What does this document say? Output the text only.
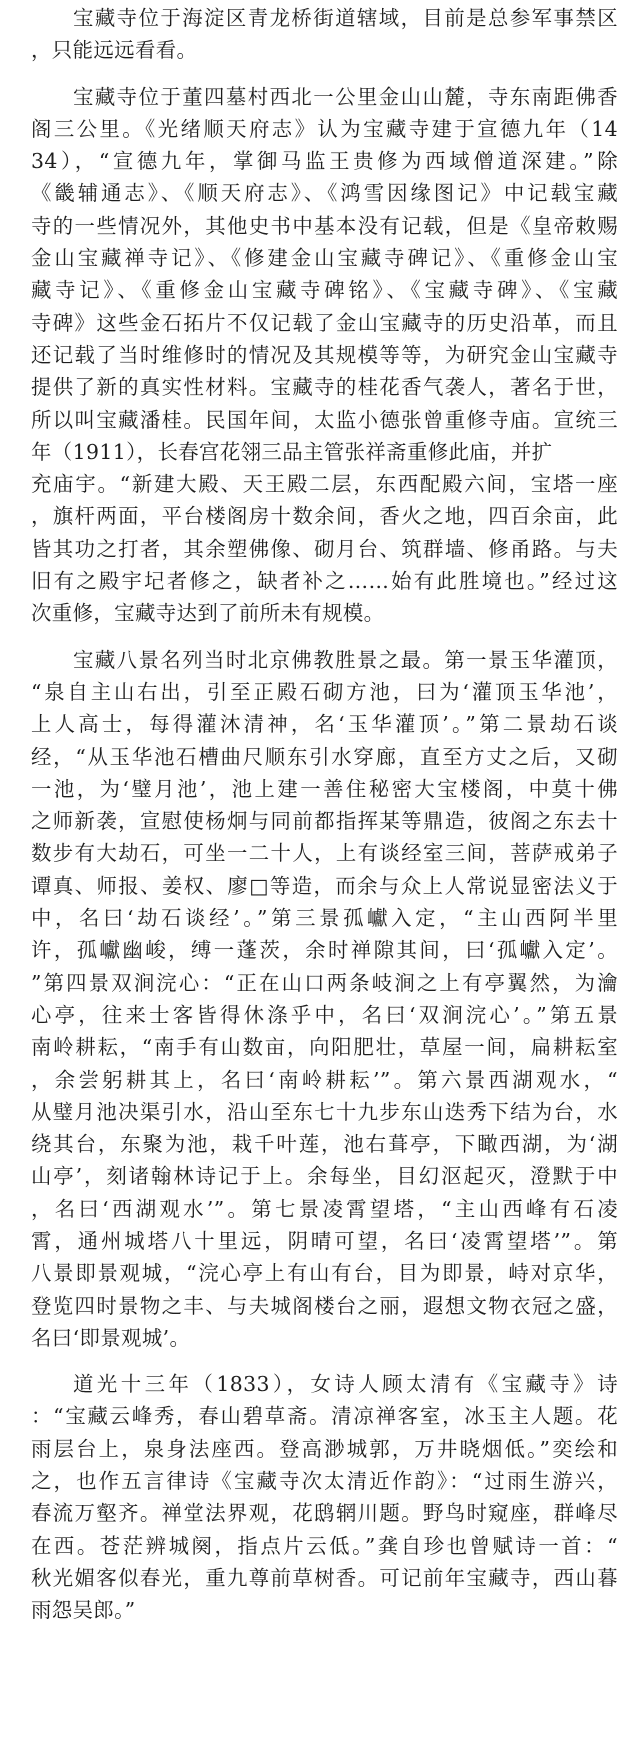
宝藏寺位于海淀区青龙桥街道辖域，目前是总参军事禁区
，只能远远看看。
宝藏寺位于董四墓村西北一公里金山山麓，寺东南距佛香
阁三公里。《光绪顺天府志》认为宝藏寺建于宣德九年（14
34），“宣德九年，掌御马监王贵修为西域僧道深建。”除
《畿辅通志》、《顺天府志》、《鸿雪因缘图记》中记载宝藏
寺的一些情况外，其他史书中基本没有记载，但是《皇帝敕赐
金山宝藏禅寺记》、《修建金山宝藏寺碑记》、《重修金山宝
藏寺记》、《重修金山宝藏寺碑铭》、《宝藏寺碑》、《宝藏
寺碑》这些金石拓片不仅记载了金山宝藏寺的历史沿革，而且
还记载了当时维修时的情况及其规模等等，为研究金山宝藏寺
提供了新的真实性材料。宝藏寺的桂花香气袭人，著名于世，
所以叫宝藏潘桂。民国年间，太监小德张曾重修寺庙。宣统三
年（1911），长春宫花翎三品主管张祥斋重修此庙，并扩
充庙宇。“新建大殿、天王殿二层，东西配殿六间，宝塔一座
，旗杆两面，平台楼阁房十数余间，香火之地，四百余亩，此
皆其功之打者，其余塑佛像、砌月台、筑群墙、修甬路。与夫
旧有之殿宇圮者修之，缺者补之……始有此胜境也。”经过这
次重修，宝藏寺达到了前所未有规模。
宝藏八景名列当时北京佛教胜景之最。第一景玉华灌顶，
“泉自主山右出，引至正殿石砌方池，曰为‘灌顶玉华池’，
上人高士，每得灌沐清神，名‘玉华灌顶’。”第二景劫石谈
经，“从玉华池石槽曲尺顺东引水穿廊，直至方丈之后，又砌
一池，为‘璧月池’，池上建一善住秘密大宝楼阁，中莫十佛
之师新袭，宣慰使杨炯与同前都指挥某等鼎造，彼阁之东去十
数步有大劫石，可坐一二十人，上有谈经室三间，菩萨戒弟子
谭真、师报、姜权、廖□等造，而余与众上人常说显密法义于
中，名曰‘劫石谈经’。”第三景孤巘入定，“主山西阿半里
许，孤巘幽峻，缚一蓬茨，余时禅隙其间，曰‘孤巘入定’。
”第四景双涧浣心：“正在山口两条岐涧之上有亭翼然，为瀹
心亭，往来士客皆得休涤乎中，名曰‘双涧浣心’。”第五景
南岭耕耘，“南手有山数亩，向阳肥壮，草屋一间，扁耕耘室
，余尝躬耕其上，名曰‘南岭耕耘’”。第六景西湖观水，“
从璧月池决渠引水，沿山至东七十九步东山迭秀下结为台，水
绕其台，东聚为池，栽千叶莲，池右葺亭，下瞰西湖，为‘湖
山亭’，刻诸翰林诗记于上。余每坐，目幻沤起灭，澄默于中
，名曰‘西湖观水’”。第七景凌霄望塔，“主山西峰有石凌
霄，通州城塔八十里远，阴晴可望，名曰‘凌霄望塔’”。第
八景即景观城，“浣心亭上有山有台，目为即景，峙对京华，
登览四时景物之丰、与夫城阁楼台之丽，遐想文物衣冠之盛，
名曰‘即景观城’。
道光十三年（1833），女诗人顾太清有《宝藏寺》诗
：“宝藏云峰秀，春山碧草斋。清凉禅客室，冰玉主人题。花
雨层台上，泉身法座西。登高渺城郭，万井晓烟低。”奕绘和
之，也作五言律诗《宝藏寺次太清近作韵》：“过雨生游兴，
春流万壑齐。禅堂法界观，花鸱辋川题。野鸟时窥座，群峰尽
在西。苍茫辨城阕，指点片云低。”龚自珍也曾赋诗一首：“
秋光媚客似春光，重九尊前草树香。可记前年宝藏寺，西山暮
雨怨吴郎。”
